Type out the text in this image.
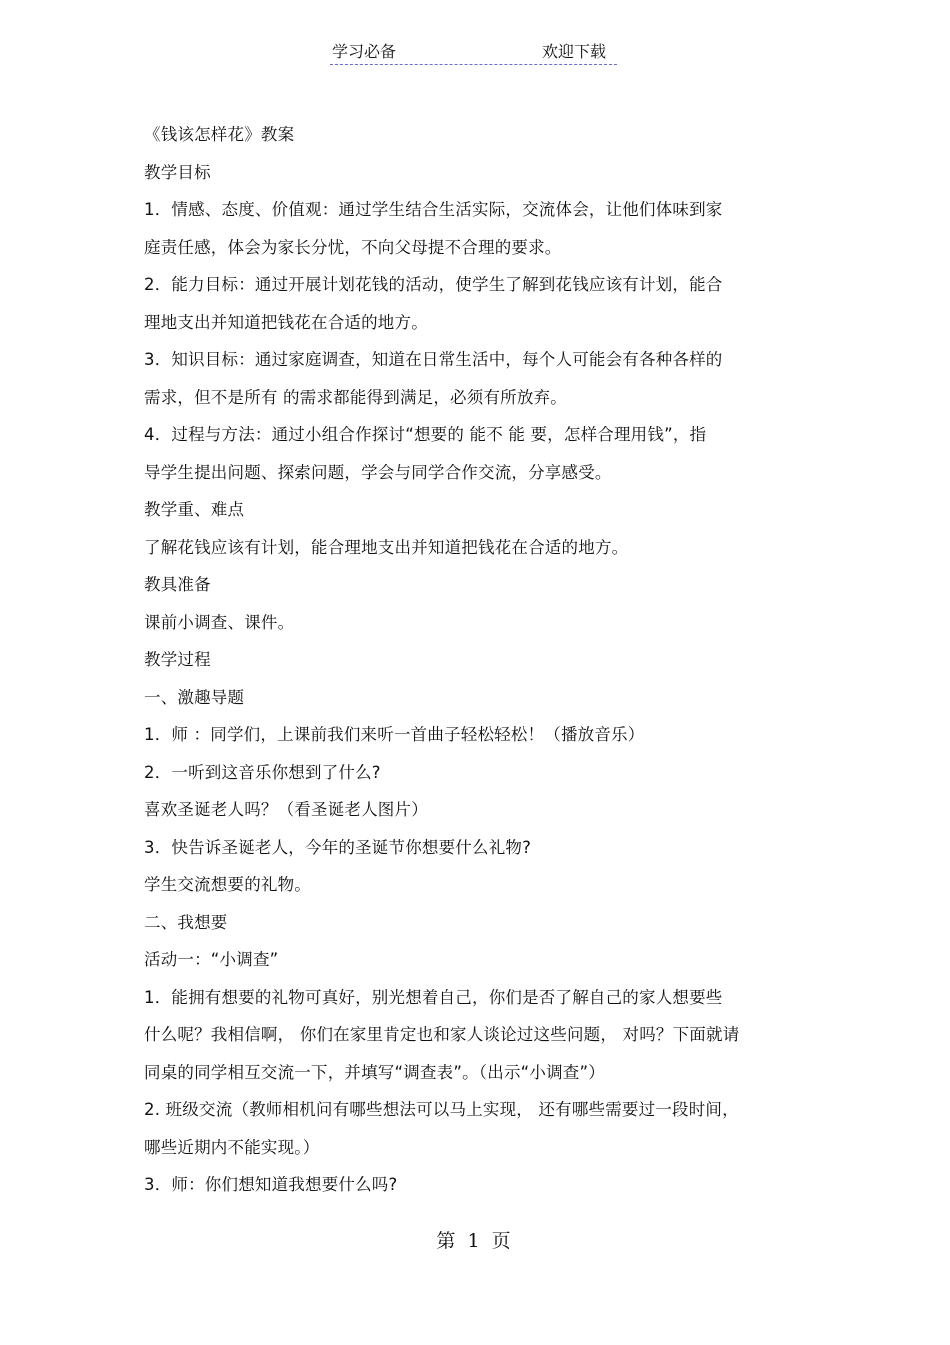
学习必备	欢迎下载
《钱该怎样花》教案
教学目标
1．情感、态度、价值观：通过学生结合生活实际，交流体会，让他们体味到家
庭责任感，体会为家长分忧，不向父母提不合理的要求。
2．能力目标：通过开展计划花钱的活动，使学生了解到花钱应该有计划，能合
理地支出并知道把钱花在合适的地方。
3．知识目标：通过家庭调查，知道在日常生活中，每个人可能会有各种各样的
需求，但不是所有 的需求都能得到满足，必须有所放弃。
4．过程与方法：通过小组合作探讨“想要的 能不 能 要，怎样合理用钱”，指
导学生提出问题、探索问题，学会与同学合作交流，分享感受。
教学重、难点
了解花钱应该有计划，能合理地支出并知道把钱花在合适的地方。
教具准备
课前小调查、课件。
教学过程
一、激趣导题
1．师 ：同学们，上课前我们来听一首曲子轻松轻松！（播放音乐）
2．一听到这音乐你想到了什么?
喜欢圣诞老人吗？（看圣诞老人图片）
3．快告诉圣诞老人，今年的圣诞节你想要什么礼物?
学生交流想要的礼物。
二、我想要
活动一：“小调查”
1．能拥有想要的礼物可真好，别光想着自己，你们是否了解自己的家人想要些
什么呢？我相信啊， 你们在家里肯定也和家人谈论过这些问题， 对吗？下面就请
同桌的同学相互交流一下，并填写“调查表”。（出示“小调查”）
2. 班级交流（教师相机问有哪些想法可以马上实现， 还有哪些需要过一段时间，
哪些近期内不能实现。）
3．师：你们想知道我想要什么吗?
第 1 页
